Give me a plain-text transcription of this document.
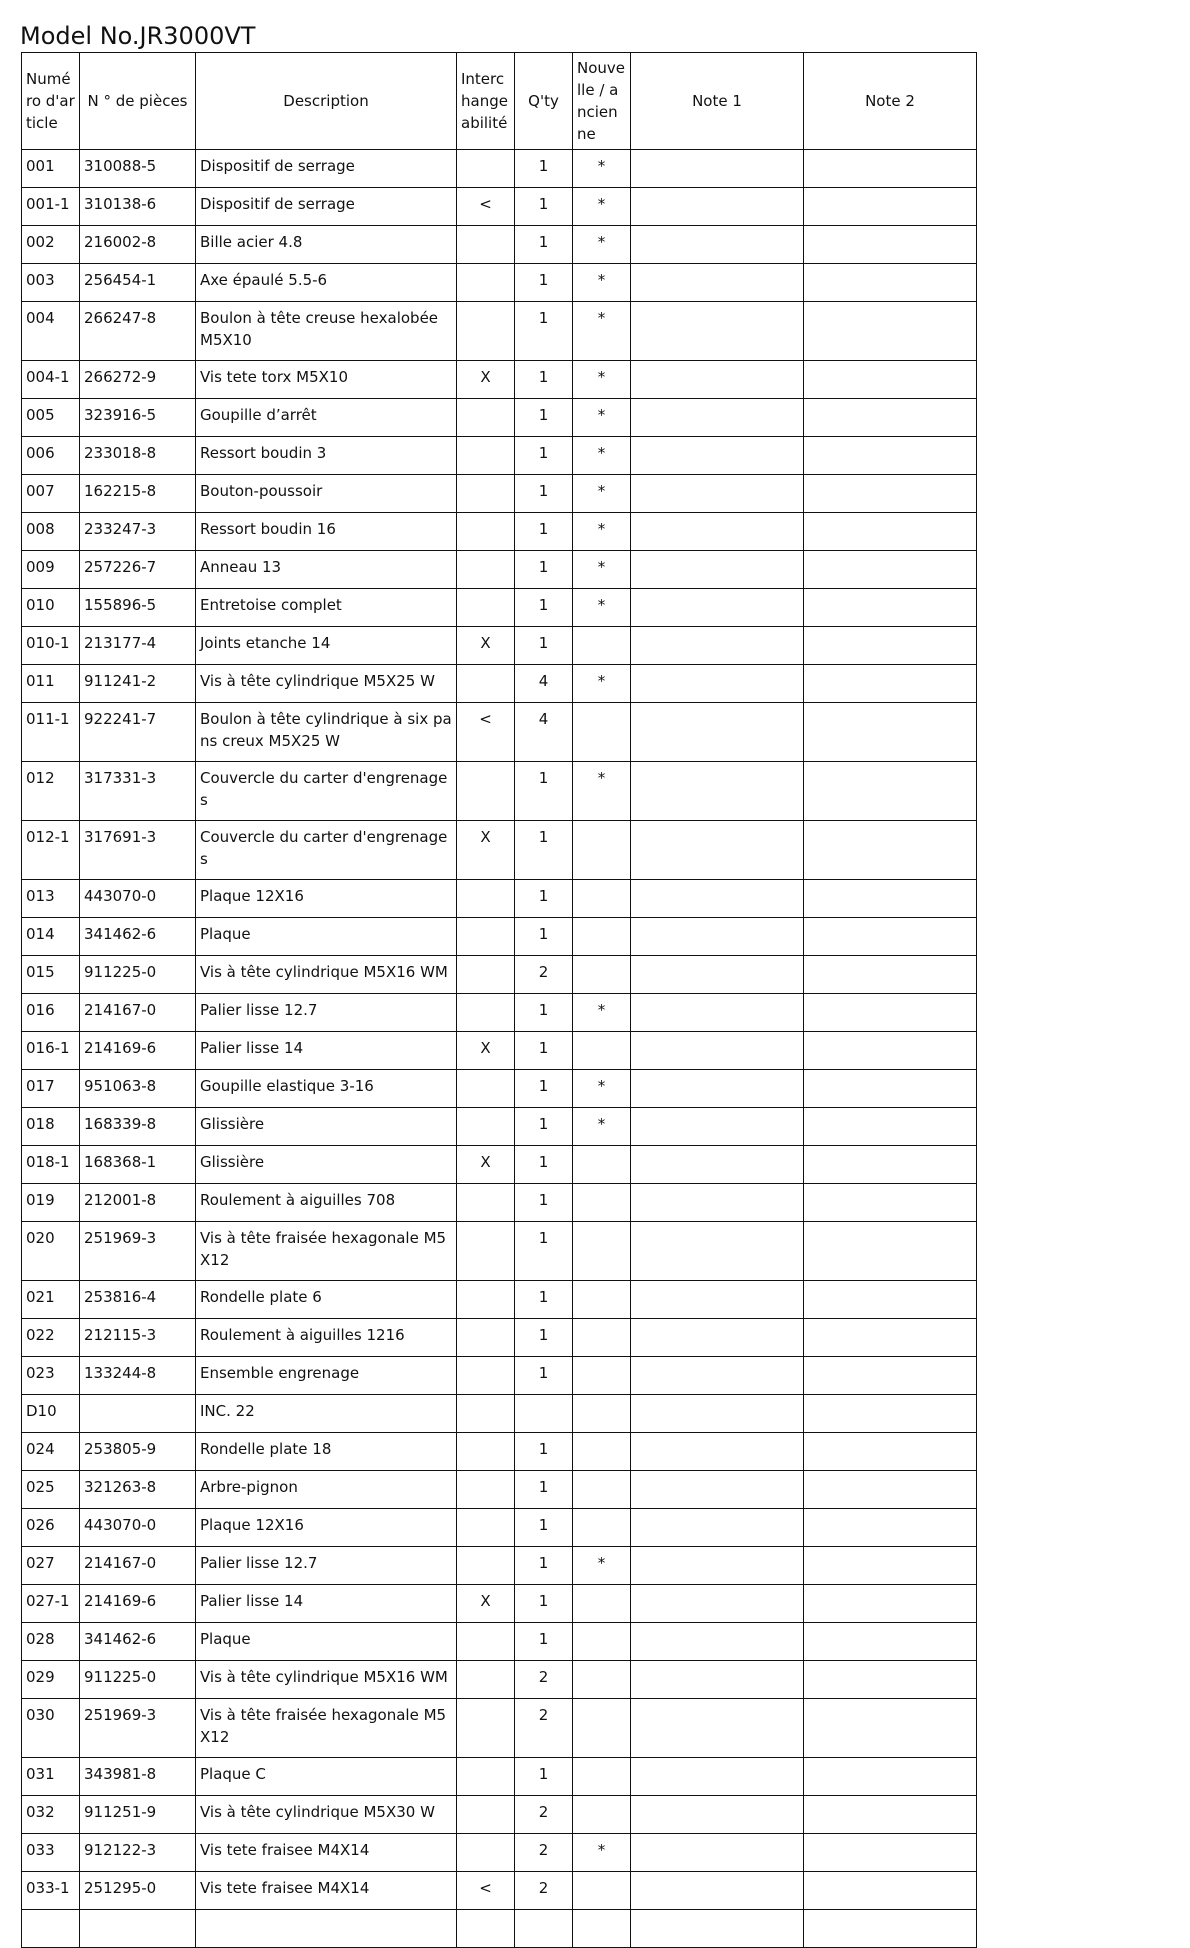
Model No.JR3000VT
Numéro d'article	N ° de pièces	Description	Interchangeabilité	Q'ty	Nouvelle / ancienne	Note 1	Note 2
001	310088-5	Dispositif de serrage		1	*		
001-1	310138-6	Dispositif de serrage	<	1	*		
002	216002-8	Bille acier 4.8		1	*		
003	256454-1	Axe épaulé 5.5-6		1	*		
004	266247-8	Boulon à tête creuse hexalobée M5X10		1	*		
004-1	266272-9	Vis tete torx M5X10	X	1	*		
005	323916-5	Goupille d’arrêt		1	*		
006	233018-8	Ressort boudin 3		1	*		
007	162215-8	Bouton-poussoir		1	*		
008	233247-3	Ressort boudin 16		1	*		
009	257226-7	Anneau 13		1	*		
010	155896-5	Entretoise complet		1	*		
010-1	213177-4	Joints etanche 14	X	1			
011	911241-2	Vis à tête cylindrique M5X25 W		4	*		
011-1	922241-7	Boulon à tête cylindrique à six pans creux M5X25 W	<	4			
012	317331-3	Couvercle du carter d'engrenages		1	*		
012-1	317691-3	Couvercle du carter d'engrenages	X	1			
013	443070-0	Plaque 12X16		1			
014	341462-6	Plaque		1			
015	911225-0	Vis à tête cylindrique M5X16 WM		2			
016	214167-0	Palier lisse 12.7		1	*		
016-1	214169-6	Palier lisse 14	X	1			
017	951063-8	Goupille elastique 3-16		1	*		
018	168339-8	Glissière		1	*		
018-1	168368-1	Glissière	X	1			
019	212001-8	Roulement à aiguilles 708		1			
020	251969-3	Vis à tête fraisée hexagonale M5X12		1			
021	253816-4	Rondelle plate 6		1			
022	212115-3	Roulement à aiguilles 1216		1			
023	133244-8	Ensemble engrenage		1			
D10		INC. 22					
024	253805-9	Rondelle plate 18		1			
025	321263-8	Arbre-pignon		1			
026	443070-0	Plaque 12X16		1			
027	214167-0	Palier lisse 12.7		1	*		
027-1	214169-6	Palier lisse 14	X	1			
028	341462-6	Plaque		1			
029	911225-0	Vis à tête cylindrique M5X16 WM		2			
030	251969-3	Vis à tête fraisée hexagonale M5X12		2			
031	343981-8	Plaque C		1			
032	911251-9	Vis à tête cylindrique M5X30 W		2			
033	912122-3	Vis tete fraisee M4X14		2	*		
033-1	251295-0	Vis tete fraisee M4X14	<	2			
